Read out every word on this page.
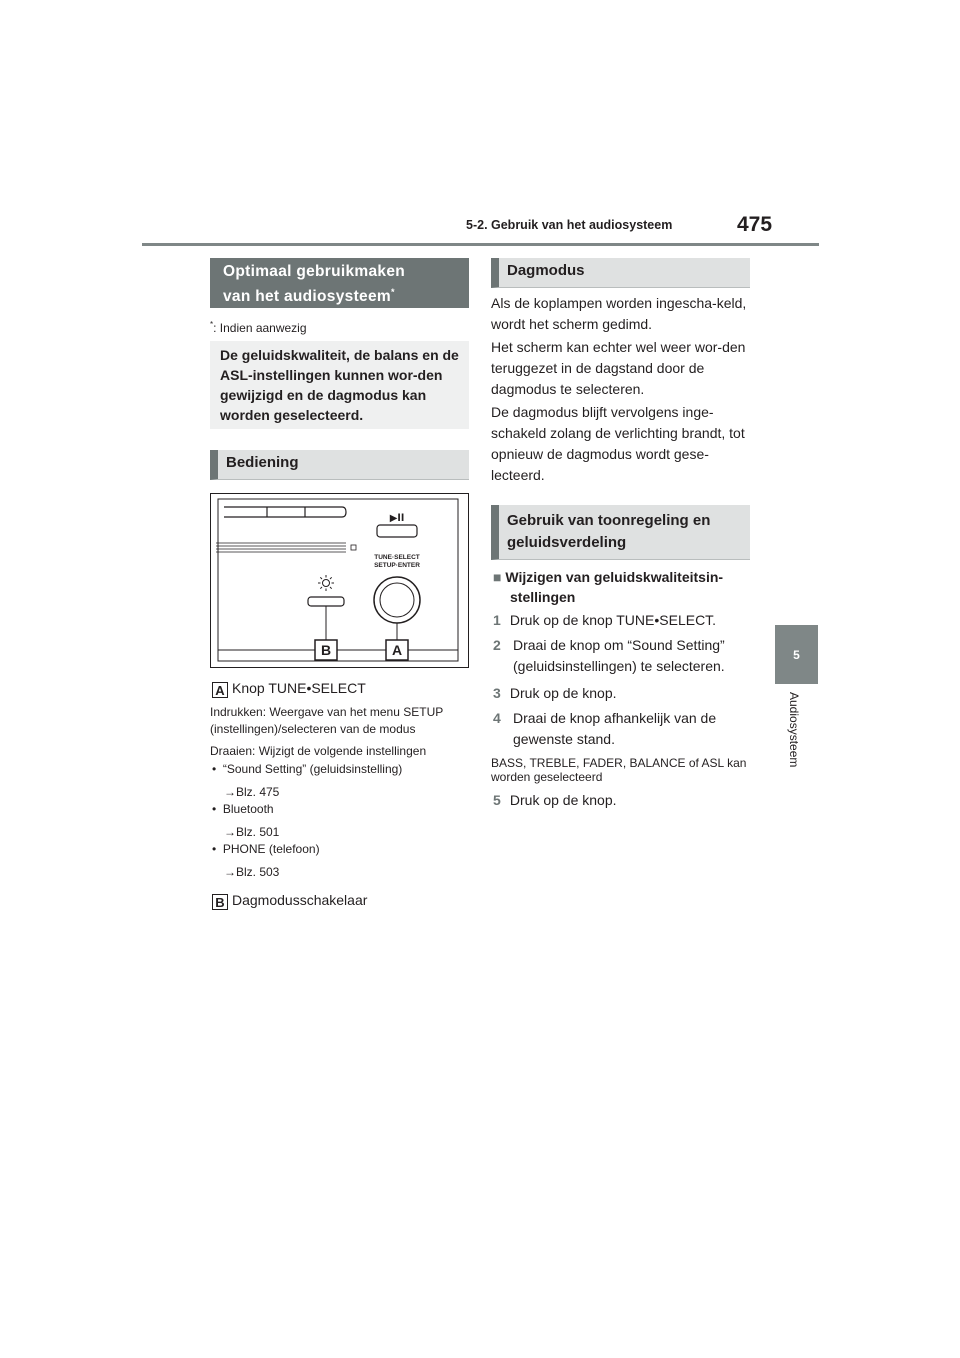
5-2. Gebruik van het audiosysteem	475
5
Audiosysteem
Optimaal gebruikmaken
van het audiosysteem*
*: Indien aanwezig
De geluidskwaliteit, de balans en de ASL-instellingen kunnen wor-den gewijzigd en de dagmodus kan worden geselecteerd.
Bediening
▶ll
TUNE·SELECT
SETUP·ENTER
B	A
A Knop TUNE•SELECT
Indrukken: Weergave van het menu SETUP (instellingen)/selecteren van de modus
Draaien: Wijzigt de volgende instellingen
• “Sound Setting” (geluidsinstelling)
→Blz. 475
• Bluetooth
→Blz. 501
• PHONE (telefoon)
→Blz. 503
B Dagmodusschakelaar
Dagmodus
Als de koplampen worden ingescha-keld, wordt het scherm gedimd.
Het scherm kan echter wel weer wor-den teruggezet in de dagstand door de dagmodus te selecteren.
De dagmodus blijft vervolgens inge-schakeld zolang de verlichting brandt, tot opnieuw de dagmodus wordt gese-lecteerd.
Gebruik van toonregeling en
geluidsverdeling
■ Wijzigen van geluidskwaliteitsin-
stellingen
1 Druk op de knop TUNE•SELECT.
2 Draai de knop om “Sound Setting” (geluidsinstellingen) te selecteren.
3 Druk op de knop.
4 Draai de knop afhankelijk van de gewenste stand.
BASS, TREBLE, FADER, BALANCE of ASL kan worden geselecteerd
5 Druk op de knop.
